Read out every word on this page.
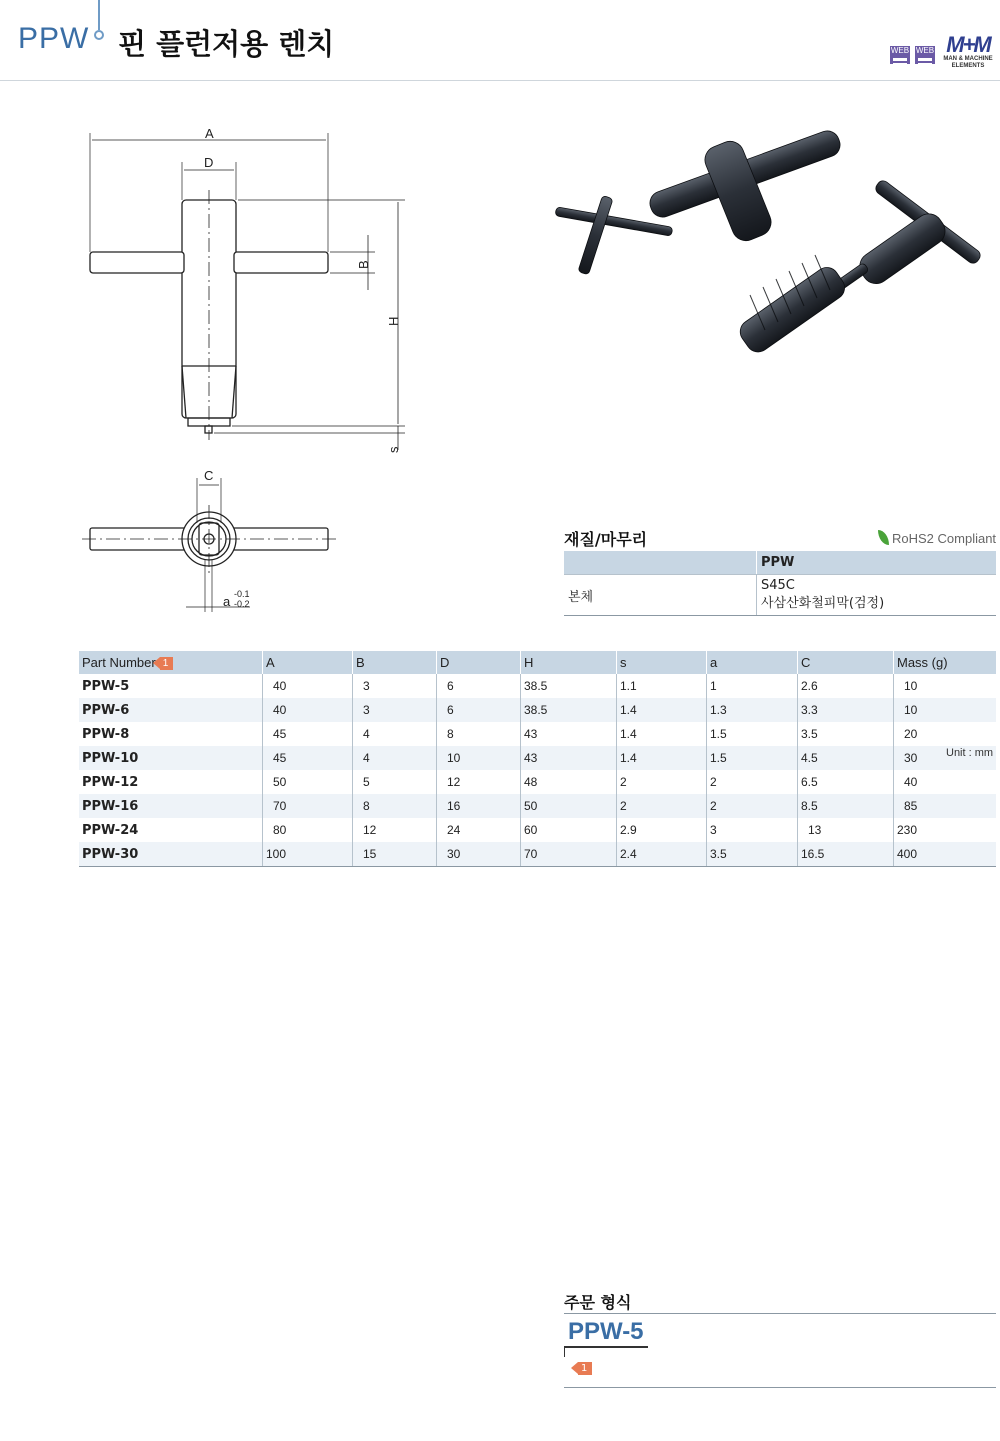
PPW 핀 플런저용 렌치	WEB WEB M+M
MAN & MACHINE
ELEMENTS
A
D
B
H
s
C
a -0.1
-0.2
재질/마무리	RoHS2 Compliant
	PPW
본체	S45C
사삼산화철피막(검정)
Part Number 1	A	B	D	H	s	a	C	Mass (g)
PPW-5	40	3	6	38.5	1.1	1	2.6	10
PPW-6	40	3	6	38.5	1.4	1.3	3.3	10
PPW-8	45	4	8	43	1.4	1.5	3.5	20
PPW-10	45	4	10	43	1.4	1.5	4.5	30
PPW-12	50	5	12	48	2	2	6.5	40
PPW-16	70	8	16	50	2	2	8.5	85
PPW-24	80	12	24	60	2.9	3	13	230
PPW-30	100	15	30	70	2.4	3.5	16.5	400
Unit : mm
주문 형식
PPW-5
1
